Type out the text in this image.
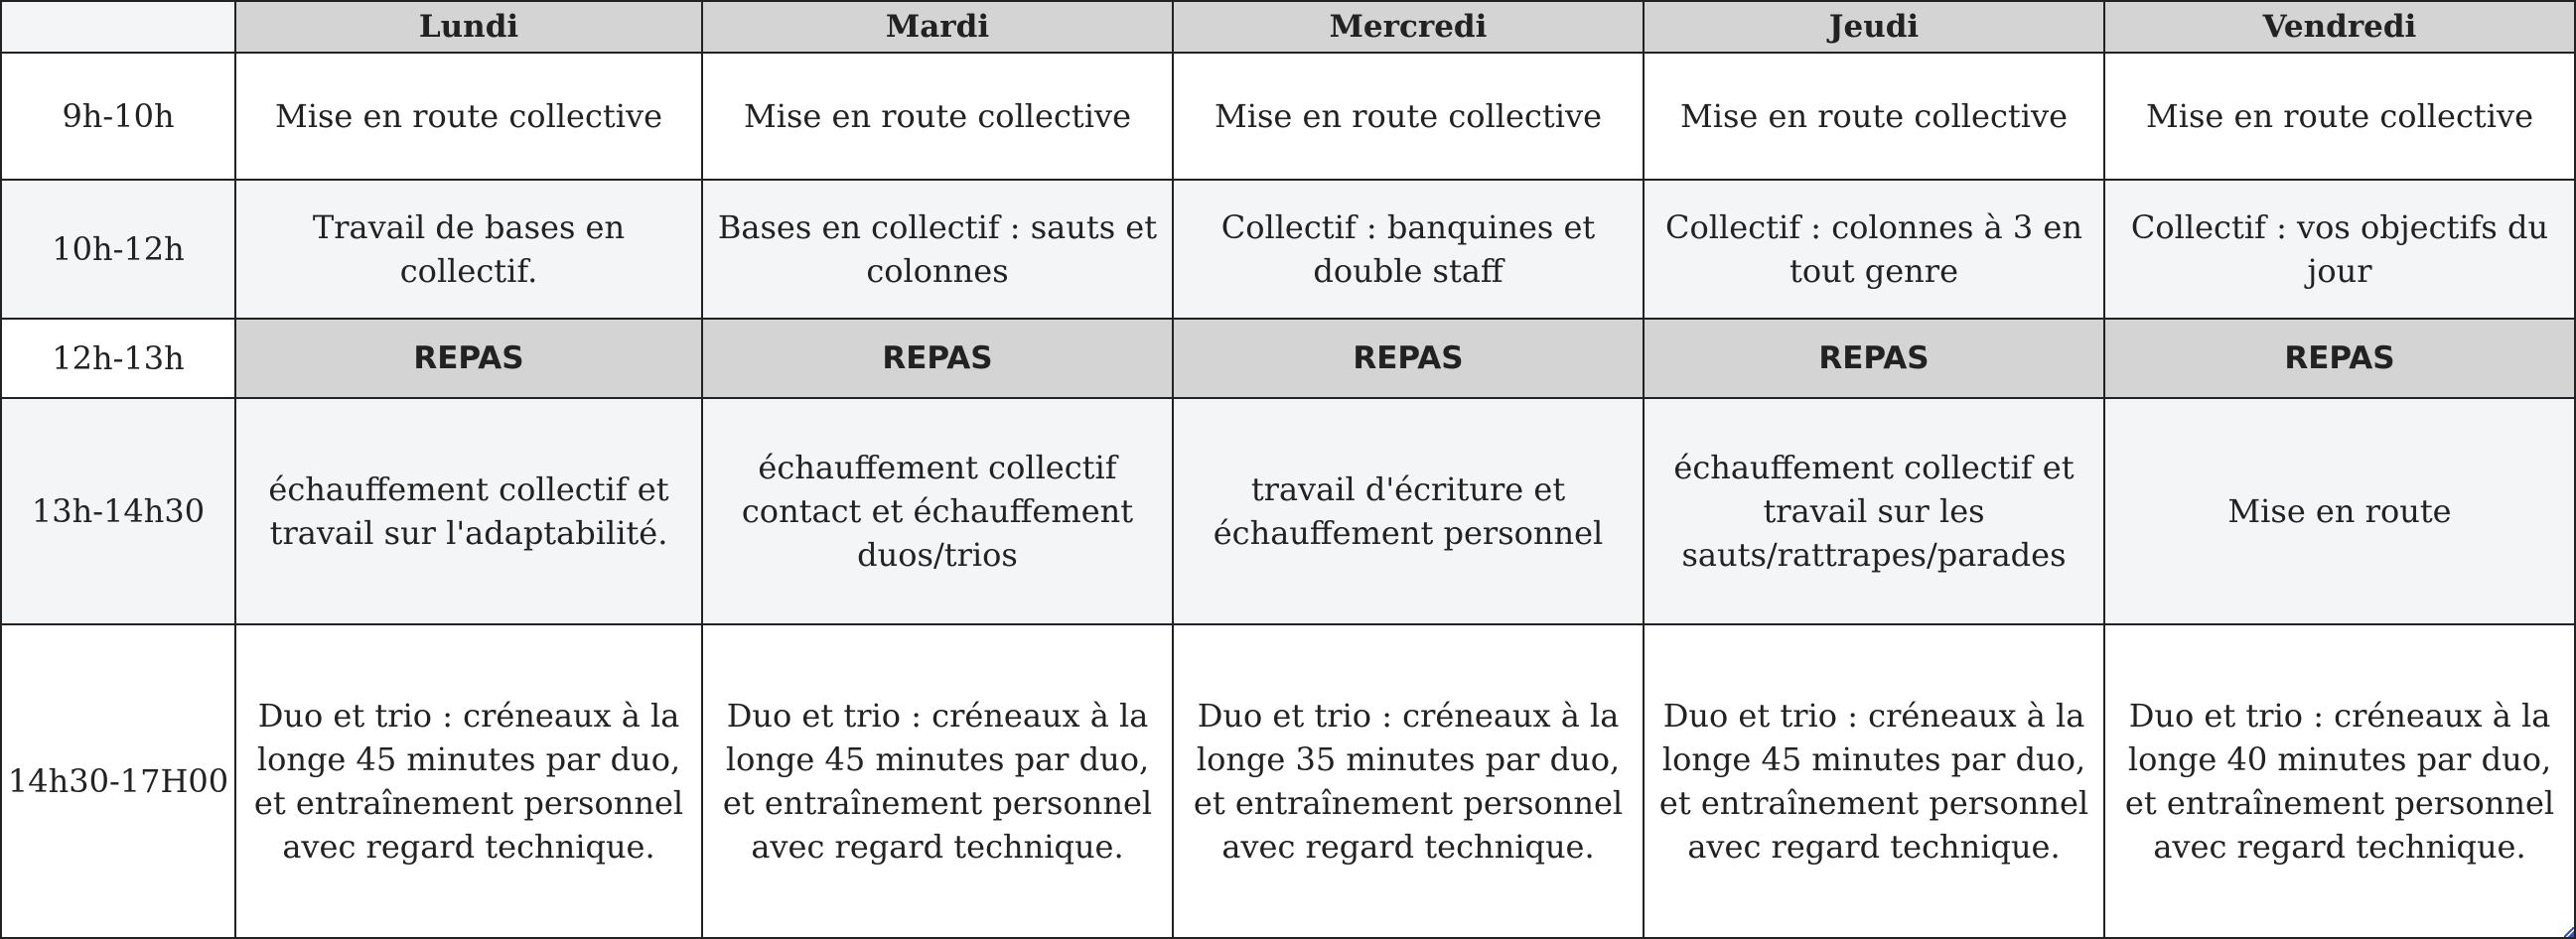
	Lundi	Mardi	Mercredi	Jeudi	Vendredi
9h-10h	Mise en route collective	Mise en route collective	Mise en route collective	Mise en route collective	Mise en route collective
10h-12h	Travail de bases en collectif.	Bases en collectif : sauts et colonnes	Collectif : banquines et double staff	Collectif : colonnes à 3 en tout genre	Collectif : vos objectifs du jour
12h-13h	REPAS	REPAS	REPAS	REPAS	REPAS
13h-14h30	échauffement collectif et travail sur l'adaptabilité.	échauffement collectif contact et échauffement duos/trios	travail d'écriture et échauffement personnel	échauffement collectif et travail sur les sauts/rattrapes/parades	Mise en route
14h30-17H00	Duo et trio : créneaux à la longe 45 minutes par duo, et entraînement personnel avec regard technique.	Duo et trio : créneaux à la longe 45 minutes par duo, et entraînement personnel avec regard technique.	Duo et trio : créneaux à la longe 35 minutes par duo, et entraînement personnel avec regard technique.	Duo et trio : créneaux à la longe 45 minutes par duo, et entraînement personnel avec regard technique.	Duo et trio : créneaux à la longe 40 minutes par duo, et entraînement personnel avec regard technique.
